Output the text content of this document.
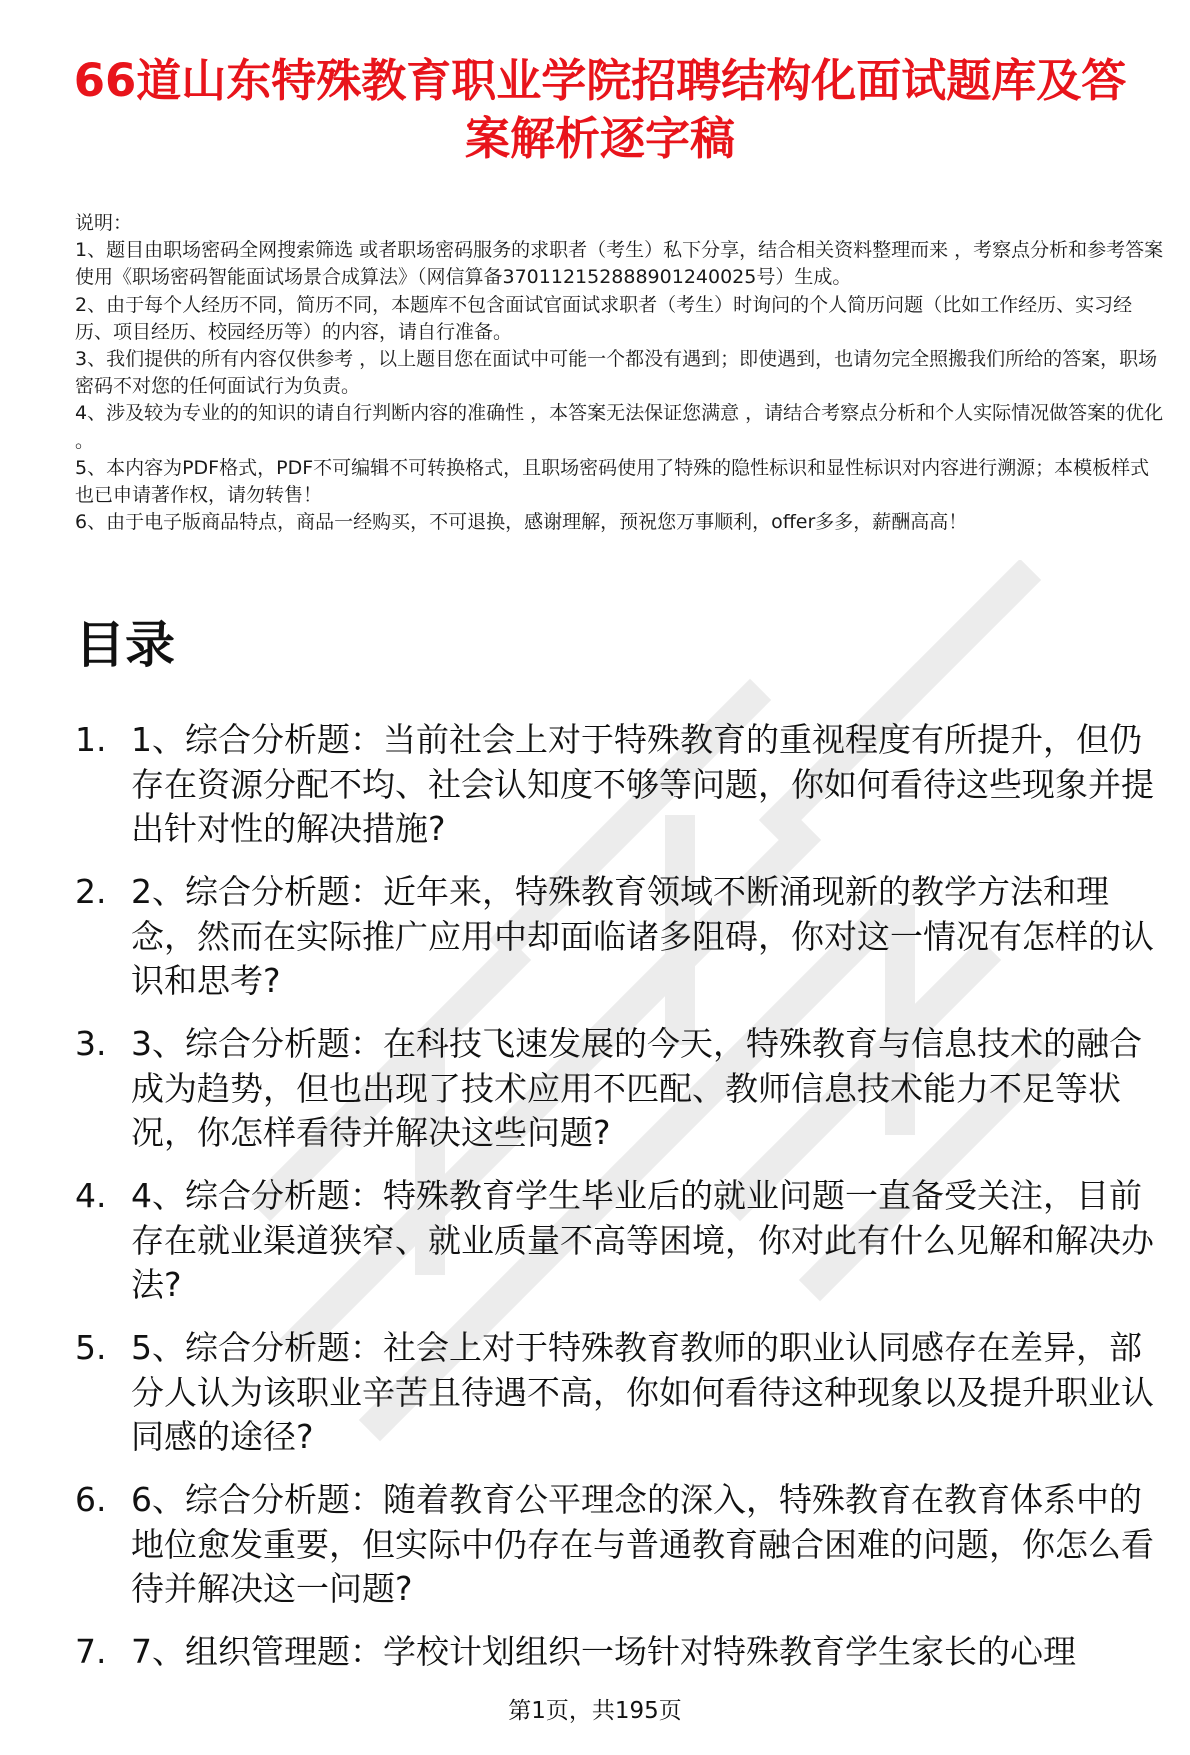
66道山东特殊教育职业学院招聘结构化面试题库及答案解析逐字稿

说明：

1、题目由职场密码全网搜索筛选 或者职场密码服务的求职者（考生）私下分享，结合相关资料整理而来 ，考察点分析和参考答案使用《职场密码智能面试场景合成算法》（网信算备370112152888901240025号）生成。

2、由于每个人经历不同，简历不同，本题库不包含面试官面试求职者（考生）时询问的个人简历问题（比如工作经历、实习经历、项目经历、校园经历等）的内容，请自行准备。

3、我们提供的所有内容仅供参考 ，以上题目您在面试中可能一个都没有遇到；即使遇到，也请勿完全照搬我们所给的答案，职场密码不对您的任何面试行为负责。

4、涉及较为专业的的知识的请自行判断内容的准确性 ，本答案无法保证您满意 ，请结合考察点分析和个人实际情况做答案的优化 。

5、本内容为PDF格式，PDF不可编辑不可转换格式，且职场密码使用了特殊的隐性标识和显性标识对内容进行溯源；本模板样式也已申请著作权，请勿转售！

6、由于电子版商品特点，商品一经购买，不可退换，感谢理解，预祝您万事顺利，offer多多，薪酬高高！

目录
1. 1、综合分析题：当前社会上对于特殊教育的重视程度有所提升，但仍存在资源分配不均、社会认知度不够等问题，你如何看待这些现象并提出针对性的解决措施?
2. 2、综合分析题：近年来，特殊教育领域不断涌现新的教学方法和理念，然而在实际推广应用中却面临诸多阻碍，你对这一情况有怎样的认识和思考?
3. 3、综合分析题：在科技飞速发展的今天，特殊教育与信息技术的融合成为趋势，但也出现了技术应用不匹配、教师信息技术能力不足等状况，你怎样看待并解决这些问题?
4. 4、综合分析题：特殊教育学生毕业后的就业问题一直备受关注，目前存在就业渠道狭窄、就业质量不高等困境，你对此有什么见解和解决办法?
5. 5、综合分析题：社会上对于特殊教育教师的职业认同感存在差异，部分人认为该职业辛苦且待遇不高，你如何看待这种现象以及提升职业认同感的途径?
6. 6、综合分析题：随着教育公平理念的深入，特殊教育在教育体系中的地位愈发重要，但实际中仍存在与普通教育融合困难的问题，你怎么看待并解决这一问题?
7. 7、组织管理题：学校计划组织一场针对特殊教育学生家长的心理
第1页，共195页
